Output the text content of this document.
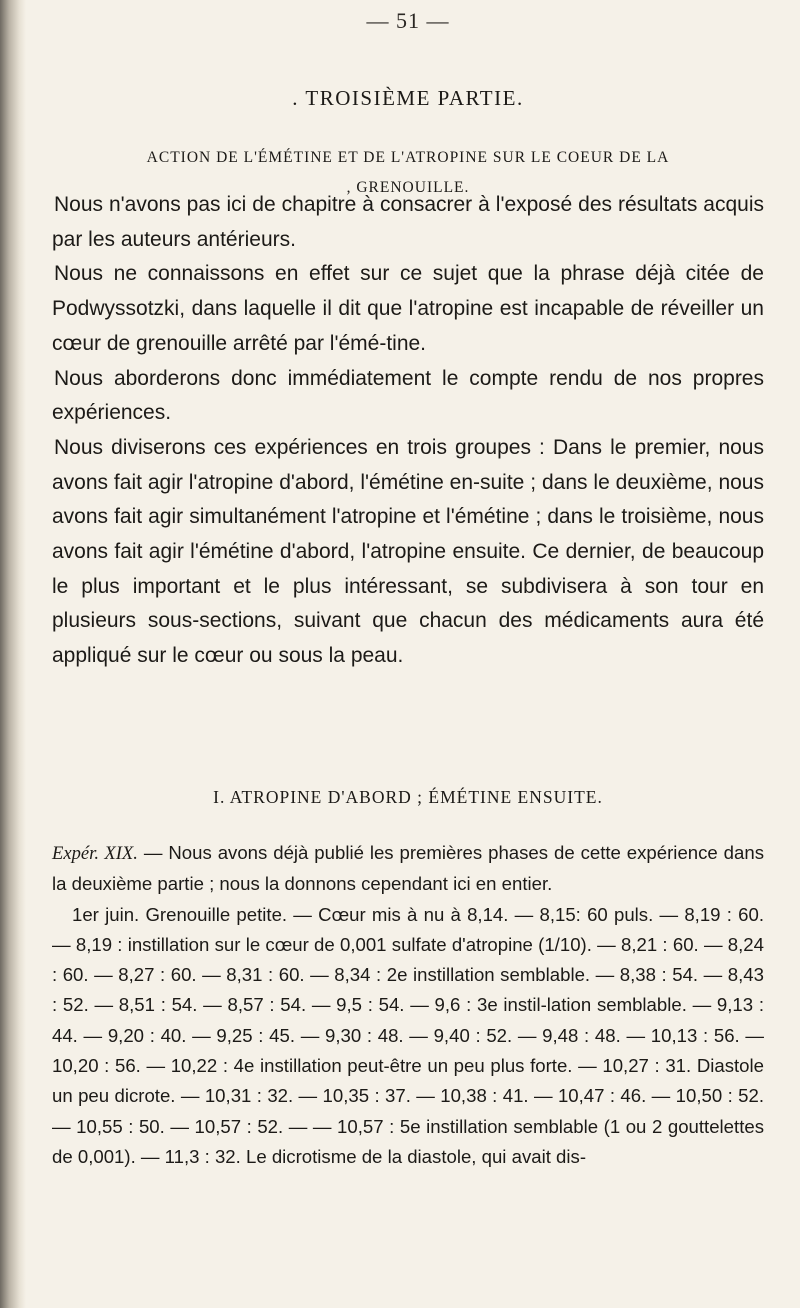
— 51 —
. TROISIÈME PARTIE.
ACTION DE L'ÉMÉTINE ET DE L'ATROPINE SUR LE COEUR DE LA
, GRENOUILLE.

Nous n'avons pas ici de chapitre à consacrer à l'exposé des résultats acquis par les auteurs antérieurs.

Nous ne connaissons en effet sur ce sujet que la phrase déjà citée de Podwyssotzki, dans laquelle il dit que l'atropine est incapable de réveiller un cœur de grenouille arrêté par l'émé-tine.

Nous aborderons donc immédiatement le compte rendu de nos propres expériences.

Nous diviserons ces expériences en trois groupes : Dans le premier, nous avons fait agir l'atropine d'abord, l'émétine en-suite ; dans le deuxième, nous avons fait agir simultanément l'atropine et l'émétine ; dans le troisième, nous avons fait agir l'émétine d'abord, l'atropine ensuite. Ce dernier, de beaucoup le plus important et le plus intéressant, se subdivisera à son tour en plusieurs sous-sections, suivant que chacun des médicaments aura été appliqué sur le cœur ou sous la peau.

I. ATROPINE D'ABORD ; ÉMÉTINE ENSUITE.

Expér. XIX. — Nous avons déjà publié les premières phases de cette expérience dans la deuxième partie ; nous la donnons cependant ici en entier.

1er juin. Grenouille petite. — Cœur mis à nu à 8,14. — 8,15: 60 puls. — 8,19 : 60. — 8,19 : instillation sur le cœur de 0,001 sulfate d'atropine (1/10). — 8,21 : 60. — 8,24 : 60. — 8,27 : 60. — 8,31 : 60. — 8,34 : 2e instillation semblable. — 8,38 : 54. — 8,43 : 52. — 8,51 : 54. — 8,57 : 54. — 9,5 : 54. — 9,6 : 3e instil-lation semblable. — 9,13 : 44. — 9,20 : 40. — 9,25 : 45. — 9,30 : 48. — 9,40 : 52. — 9,48 : 48. — 10,13 : 56. — 10,20 : 56. — 10,22 : 4e instillation peut-être un peu plus forte. — 10,27 : 31. Diastole un peu dicrote. — 10,31 : 32. — 10,35 : 37. — 10,38 : 41. — 10,47 : 46. — 10,50 : 52. — 10,55 : 50. — 10,57 : 52. — — 10,57 : 5e instillation semblable (1 ou 2 gouttelettes de 0,001). — 11,3 : 32. Le dicrotisme de la diastole, qui avait dis-
